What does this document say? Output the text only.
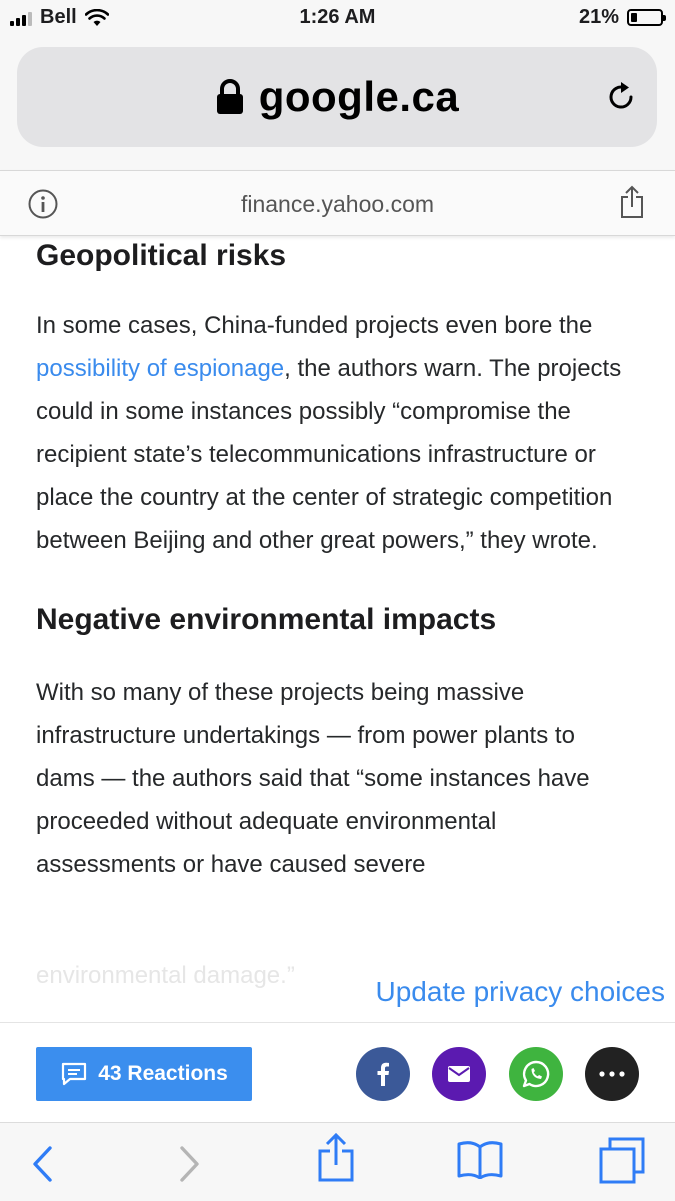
Bell	1:26 AM	21%
google.ca
finance.yahoo.com
Geopolitical risks

In some cases, China-funded projects even bore the possibility of espionage, the authors warn. The projects could in some instances possibly “compromise the recipient state’s telecommunications infrastructure or place the country at the center of strategic competition between Beijing and other great powers,” they wrote.

Negative environmental impacts

With so many of these projects being massive infrastructure undertakings — from power plants to dams — the authors said that “some instances have proceeded without adequate environmental assessments or have caused severe

environmental damage.”
Update privacy choices
43 Reactions
